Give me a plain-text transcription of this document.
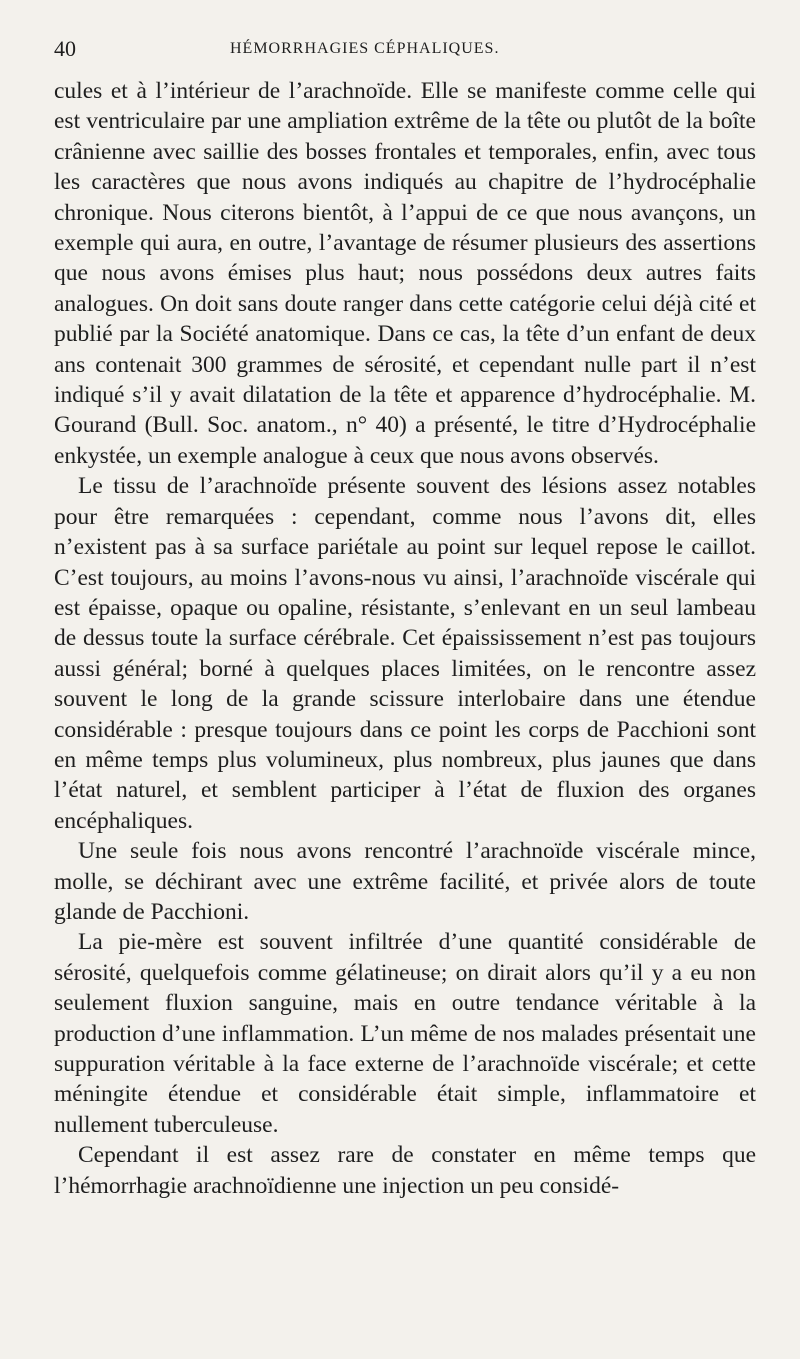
40	HÉMORRHAGIES CÉPHALIQUES.

cules et à l’intérieur de l’arachnoïde. Elle se manifeste comme celle qui est ventriculaire par une ampliation extrême de la tête ou plutôt de la boîte crânienne avec saillie des bosses frontales et temporales, enfin, avec tous les caractères que nous avons indiqués au chapitre de l’hydrocéphalie chronique. Nous citerons bientôt, à l’appui de ce que nous avançons, un exemple qui aura, en outre, l’avantage de résumer plusieurs des assertions que nous avons émises plus haut; nous possédons deux autres faits analogues. On doit sans doute ranger dans cette catégorie celui déjà cité et publié par la Société anatomique. Dans ce cas, la tête d’un enfant de deux ans contenait 300 grammes de sérosité, et cependant nulle part il n’est indiqué s’il y avait dilatation de la tête et apparence d’hydrocéphalie. M. Gourand (Bull. Soc. anatom., n° 40) a présenté, le titre d’Hydrocéphalie enkystée, un exemple analogue à ceux que nous avons observés.

Le tissu de l’arachnoïde présente souvent des lésions assez notables pour être remarquées : cependant, comme nous l’avons dit, elles n’existent pas à sa surface pariétale au point sur lequel repose le caillot. C’est toujours, au moins l’avons-nous vu ainsi, l’arachnoïde viscérale qui est épaisse, opaque ou opaline, résistante, s’enlevant en un seul lambeau de dessus toute la surface cérébrale. Cet épaississement n’est pas toujours aussi général; borné à quelques places limitées, on le rencontre assez souvent le long de la grande scissure interlobaire dans une étendue considérable : presque toujours dans ce point les corps de Pacchioni sont en même temps plus volumineux, plus nombreux, plus jaunes que dans l’état naturel, et semblent participer à l’état de fluxion des organes encéphaliques.

Une seule fois nous avons rencontré l’arachnoïde viscérale mince, molle, se déchirant avec une extrême facilité, et privée alors de toute glande de Pacchioni.

La pie-mère est souvent infiltrée d’une quantité considérable de sérosité, quelquefois comme gélatineuse; on dirait alors qu’il y a eu non seulement fluxion sanguine, mais en outre tendance véritable à la production d’une inflammation. L’un même de nos malades présentait une suppuration véritable à la face externe de l’arachnoïde viscérale; et cette méningite étendue et considérable était simple, inflammatoire et nullement tuberculeuse.

Cependant il est assez rare de constater en même temps que l’hémorrhagie arachnoïdienne une injection un peu considé-
